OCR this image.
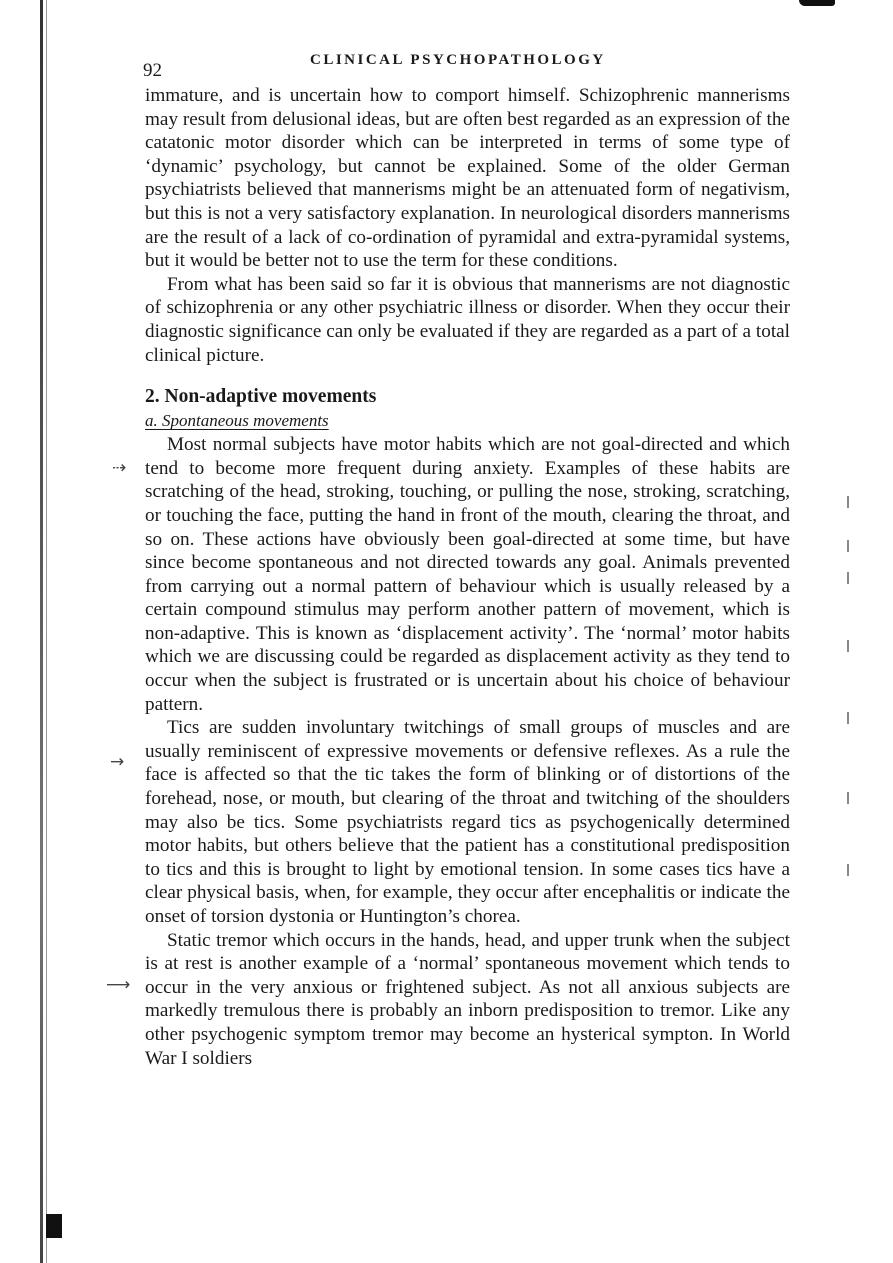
92	CLINICAL PSYCHOPATHOLOGY

immature, and is uncertain how to comport himself. Schizophrenic mannerisms may result from delusional ideas, but are often best regarded as an expression of the catatonic motor disorder which can be interpreted in terms of some type of ‘dynamic’ psychology, but cannot be explained. Some of the older German psychiatrists believed that mannerisms might be an attenuated form of negativism, but this is not a very satisfactory explanation. In neurological disorders mannerisms are the result of a lack of co-ordination of pyramidal and extra-pyramidal systems, but it would be better not to use the term for these conditions.

From what has been said so far it is obvious that mannerisms are not diagnostic of schizophrenia or any other psychiatric illness or disorder. When they occur their diagnostic significance can only be evaluated if they are regarded as a part of a total clinical picture.

2. Non-adaptive movements
a. Spontaneous movements

Most normal subjects have motor habits which are not goal-directed and which tend to become more frequent during anxiety. Examples of these habits are scratching of the head, stroking, touching, or pulling the nose, stroking, scratching, or touching the face, putting the hand in front of the mouth, clearing the throat, and so on. These actions have obviously been goal-directed at some time, but have since become spontaneous and not directed towards any goal. Animals prevented from carrying out a normal pattern of behaviour which is usually released by a certain compound stimulus may perform another pattern of movement, which is non-adaptive. This is known as ‘displacement activity’. The ‘normal’ motor habits which we are discussing could be regarded as displacement activity as they tend to occur when the subject is frustrated or is uncertain about his choice of behaviour pattern.

Tics are sudden involuntary twitchings of small groups of muscles and are usually reminiscent of expressive movements or defensive reflexes. As a rule the face is affected so that the tic takes the form of blinking or of distortions of the forehead, nose, or mouth, but clearing of the throat and twitching of the shoulders may also be tics. Some psychiatrists regard tics as psychogenically determined motor habits, but others believe that the patient has a constitutional predisposition to tics and this is brought to light by emotional tension. In some cases tics have a clear physical basis, when, for example, they occur after encephalitis or indicate the onset of torsion dystonia or Huntington’s chorea.

Static tremor which occurs in the hands, head, and upper trunk when the subject is at rest is another example of a ‘normal’ spontaneous movement which tends to occur in the very anxious or frightened subject. As not all anxious subjects are markedly tremulous there is probably an inborn predisposition to tremor. Like any other psychogenic symptom tremor may become an hysterical sympton. In World War I soldiers

⇢
→
⟶
